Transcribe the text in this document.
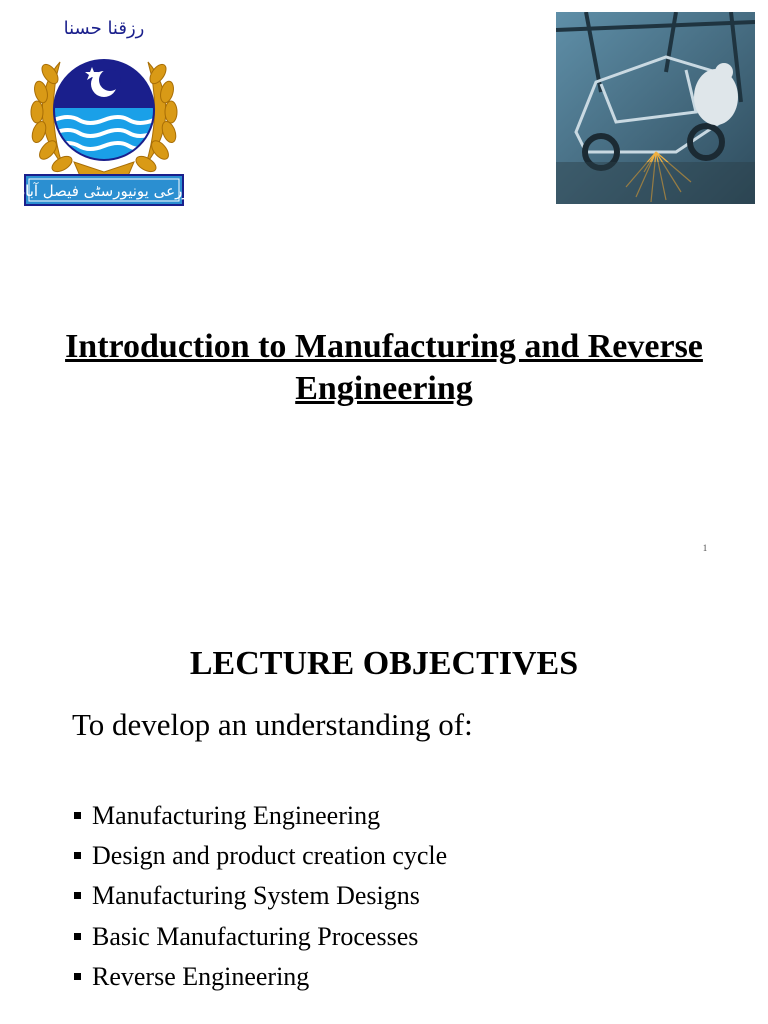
رزقنا حسنا
زرعی یونیورسٹی فیصل آباد
Introduction to Manufacturing and Reverse Engineering
1
LECTURE OBJECTIVES
To develop an understanding of:
Manufacturing Engineering
Design and product creation cycle
Manufacturing System Designs
Basic Manufacturing Processes
Reverse Engineering
